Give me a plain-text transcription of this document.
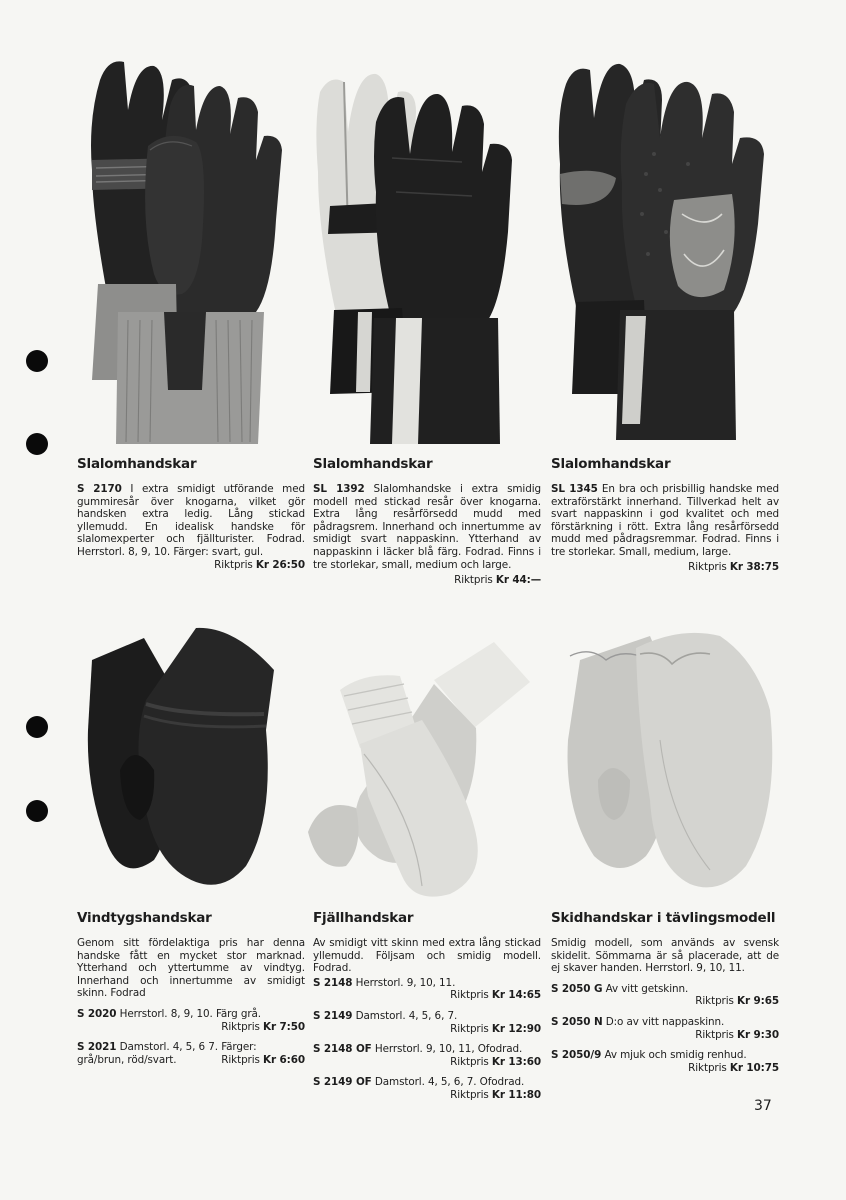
Slalomhandskar

S 2170 I extra smidigt utförande med gummiresår över knogarna, vilket gör handsken extra ledig. Lång stickad yllemudd. En idealisk handske för slalomexperter och fjällturister. Fodrad. Herrstorl. 8, 9, 10. Färger: svart, gul.

Riktpris Kr 26:50
Slalomhandskar

SL 1392 Slalomhandske i extra smidig modell med stickad resår över knogarna. Extra lång resårförsedd mudd med pådragsrem. Innerhand och innertumme av smidigt svart nappaskinn. Ytterhand av nappaskinn i läcker blå färg. Fodrad. Finns i tre storlekar, small, medium och large.

Riktpris Kr 44:—
Slalomhandskar

SL 1345 En bra och prisbillig handske med extraförstärkt innerhand. Tillverkad helt av svart nappaskinn i god kvalitet och med förstärkning i rött. Extra lång resårförsedd mudd med pådragsremmar. Fodrad. Finns i tre storlekar. Small, medium, large.

Riktpris Kr 38:75
Vindtygshandskar

Genom sitt fördelaktiga pris har denna handske fått en mycket stor marknad. Ytterhand och yttertumme av vindtyg. Innerhand och innertumme av smidigt skinn. Fodrad

S 2020 Herrstorl. 8, 9, 10. Färg grå.
Riktpris Kr 7:50

S 2021 Damstorl. 4, 5, 6 7. Färger: grå/brun, röd/svart.	Riktpris Kr 6:60

Fjällhandskar

Av smidigt vitt skinn med extra lång stickad yllemudd. Följsam och smidig modell. Fodrad.

S 2148 Herrstorl. 9, 10, 11.
Riktpris Kr 14:65
S 2149 Damstorl. 4, 5, 6, 7.
Riktpris Kr 12:90
S 2148 OF Herrstorl. 9, 10, 11, Ofodrad.
Riktpris Kr 13:60
S 2149 OF Damstorl. 4, 5, 6, 7. Ofodrad.
Riktpris Kr 11:80
Skidhandskar i tävlingsmodell

Smidig modell, som används av svensk skidelit. Sömmarna är så placerade, att de ej skaver handen. Herrstorl. 9, 10, 11.

S 2050 G Av vitt getskinn.
Riktpris Kr 9:65
S 2050 N D:o av vitt nappaskinn.
Riktpris Kr 9:30
S 2050/9 Av mjuk och smidig renhud.
Riktpris Kr 10:75
37
